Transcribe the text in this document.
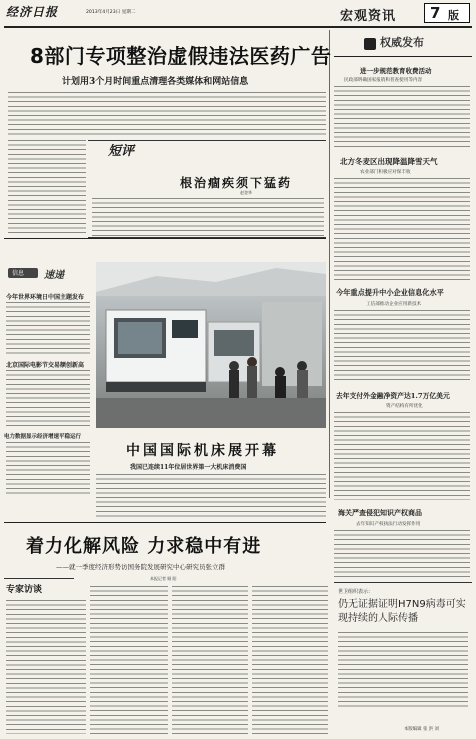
经济日报	2013年4月23日 星期二	宏观资讯 7 版
8部门专项整治虚假违法医药广告
计划用3个月时间重点清理各类媒体和网站信息
短评
根治痼疾须下猛药
赵登华
信息 速递
今年世界环境日中国主题发布
北京国际电影节交易额创新高
电力数据显示经济增速平稳运行
中国国际机床展开幕
我国已连续11年位居世界第一大机床消费国
着力化解风险 力求稳中有进
——就一季度经济形势访国务院发展研究中心研究员张立群
专家访谈
本报记者 顾 阳
权威发布
进一步规范教育收费活动
民政部明确国家报销和普查使用等内容
北方冬麦区出现降温降雪天气
农业部门积极应对保丰收
今年重点提升中小企业信息化水平
工信部推动企业应用新技术
去年支付外金融净资产达1.7万亿美元
资产结构有所优化
海关严查侵犯知识产权商品
去年知识产权执法行动发挥作用
世卫组织表示：
仍无证据证明H7N9病毒可实现持续的人际传播
本版编辑 张 洪 刘
